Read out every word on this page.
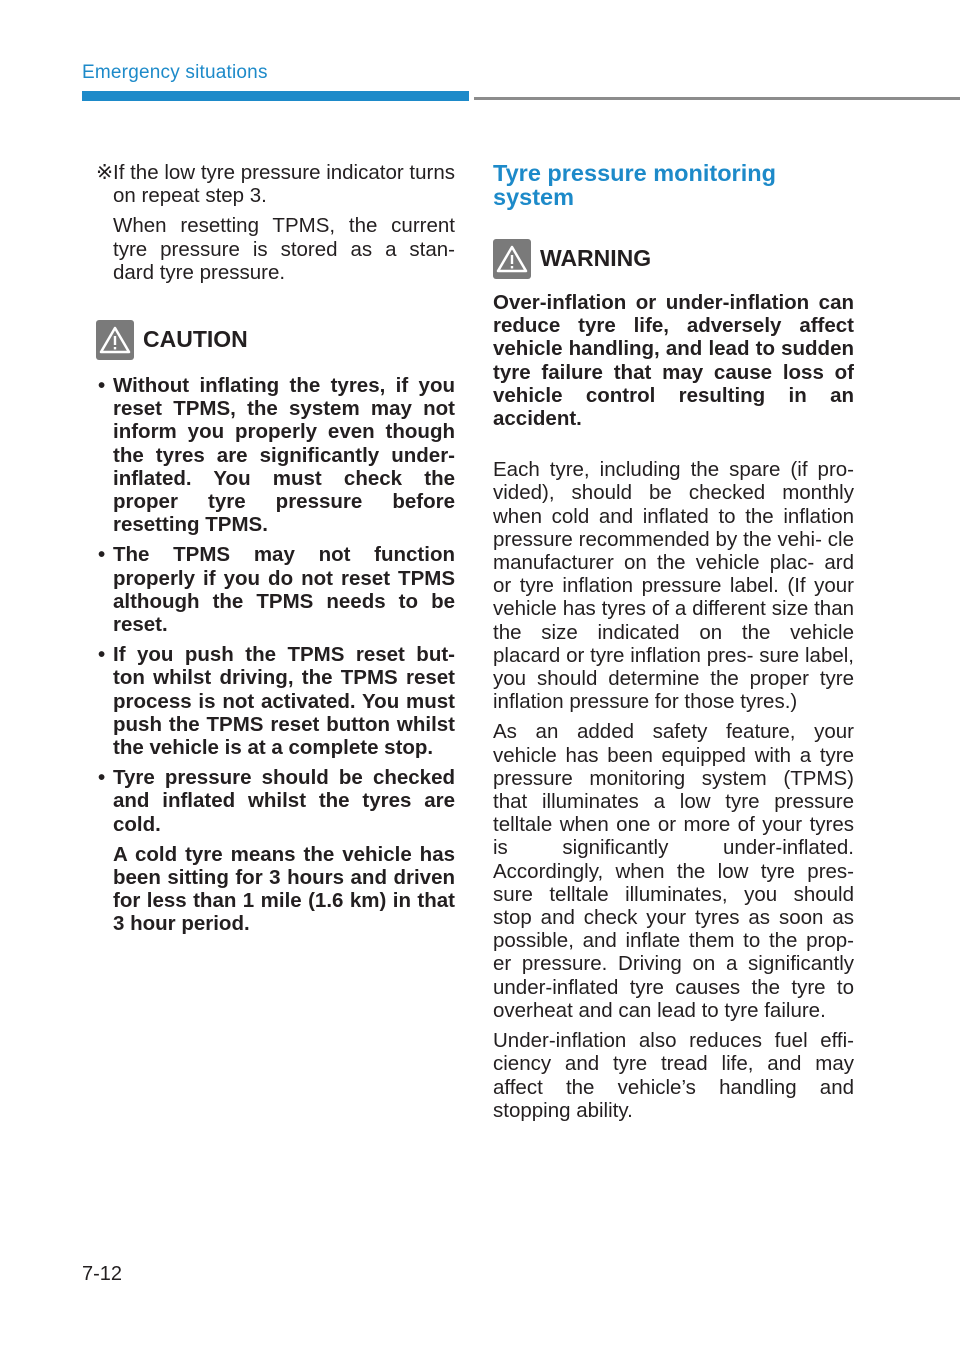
Emergency situations
※ If the low tyre pressure indicator turns on repeat step 3.

When resetting TPMS, the current tyre pressure is stored as a stan- dard tyre pressure.

CAUTION
• Without inflating the tyres, if you reset TPMS, the system may not inform you properly even though the tyres are significantly under-inflated. You must check the proper tyre pressure before resetting TPMS.

• The TPMS may not function properly if you do not reset TPMS although the TPMS needs to be reset.

• If you push the TPMS reset but- ton whilst driving, the TPMS reset process is not activated. You must push the TPMS reset button whilst the vehicle is at a complete stop.

• Tyre pressure should be checked and inflated whilst the tyres are cold.

A cold tyre means the vehicle has been sitting for 3 hours and driven for less than 1 mile (1.6 km) in that 3 hour period.

Tyre pressure monitoring system
WARNING

Over-inflation or under-inflation can reduce tyre life, adversely affect vehicle handling, and lead to sudden tyre failure that may cause loss of vehicle control resulting in an accident.

Each tyre, including the spare (if pro- vided), should be checked monthly when cold and inflated to the inflation pressure recommended by the vehi- cle manufacturer on the vehicle plac- ard or tyre inflation pressure label. (If your vehicle has tyres of a different size than the size indicated on the vehicle placard or tyre inflation pres- sure label, you should determine the proper tyre inflation pressure for those tyres.)

As an added safety feature, your vehicle has been equipped with a tyre pressure monitoring system (TPMS) that illuminates a low tyre pressure telltale when one or more of your tyres is significantly under-inflated. Accordingly, when the low tyre pres- sure telltale illuminates, you should stop and check your tyres as soon as possible, and inflate them to the prop- er pressure. Driving on a significantly under-inflated tyre causes the tyre to overheat and can lead to tyre failure.

Under-inflation also reduces fuel effi- ciency and tyre tread life, and may affect the vehicle’s handling and stopping ability.

7-12
